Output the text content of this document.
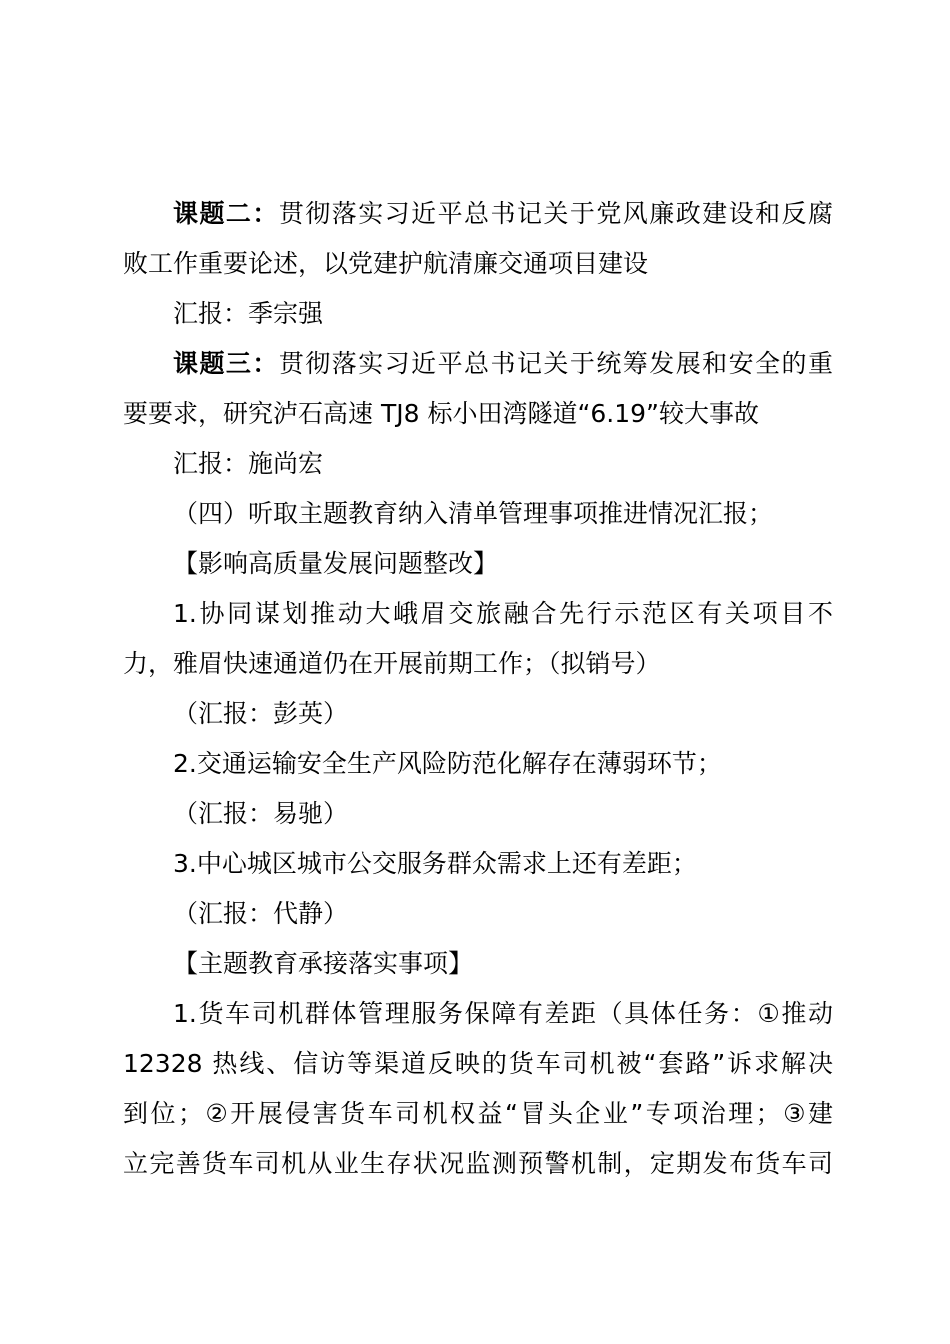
课题二：贯彻落实习近平总书记关于党风廉政建设和反腐
败工作重要论述，以党建护航清廉交通项目建设
汇报：季宗强
课题三：贯彻落实习近平总书记关于统筹发展和安全的重
要要求，研究泸石高速 TJ8 标小田湾隧道“6.19”较大事故
汇报：施尚宏
（四）听取主题教育纳入清单管理事项推进情况汇报；
【影响高质量发展问题整改】
1.协同谋划推动大峨眉交旅融合先行示范区有关项目不
力，雅眉快速通道仍在开展前期工作；（拟销号）
（汇报：彭英）
2.交通运输安全生产风险防范化解存在薄弱环节；
（汇报：易驰）
3.中心城区城市公交服务群众需求上还有差距；
（汇报：代静）
【主题教育承接落实事项】
1.货车司机群体管理服务保障有差距（具体任务：①推动
12328 热线、信访等渠道反映的货车司机被“套路”诉求解决
到位；②开展侵害货车司机权益“冒头企业”专项治理；③建
立完善货车司机从业生存状况监测预警机制，定期发布货车司
